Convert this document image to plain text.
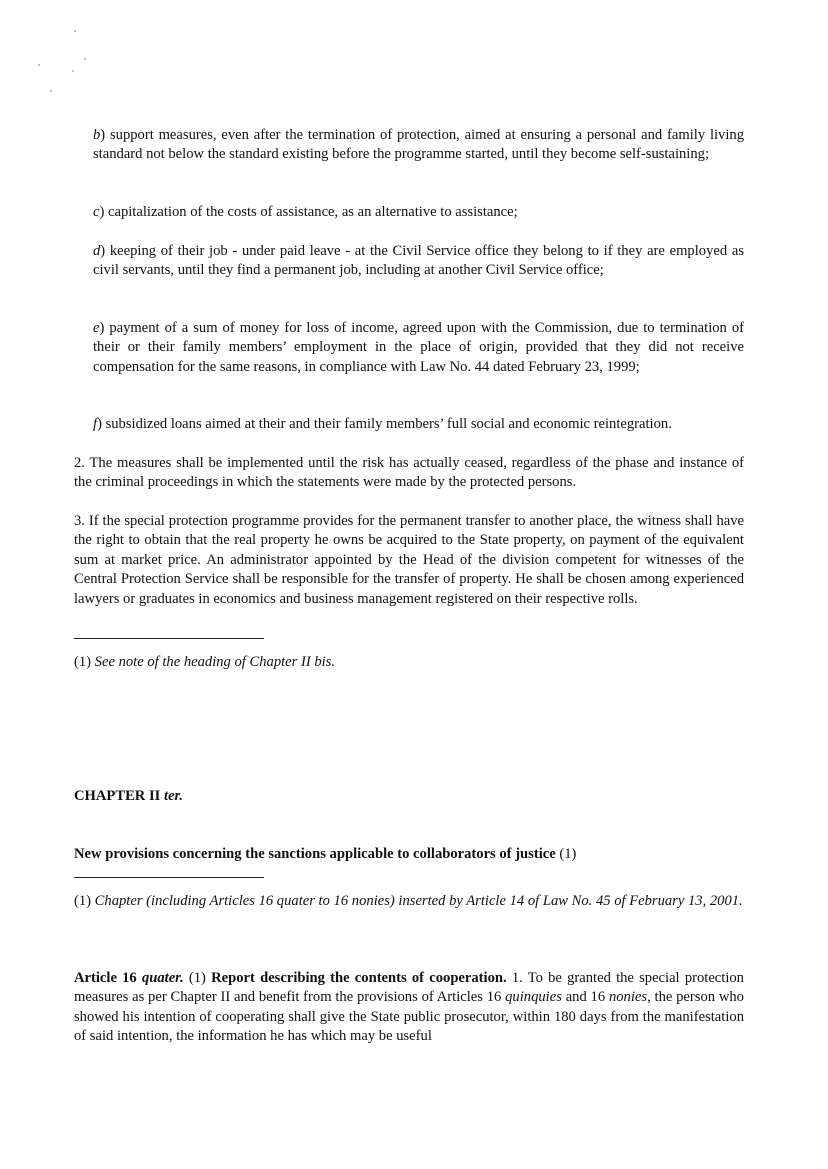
b) support measures, even after the termination of protection, aimed at ensuring a personal and family living standard not below the standard existing before the programme started, until they become self-sustaining;

c) capitalization of the costs of assistance, as an alternative to assistance;

d) keeping of their job - under paid leave - at the Civil Service office they belong to if they are employed as civil servants, until they find a permanent job, including at another Civil Service office;

e) payment of a sum of money for loss of income, agreed upon with the Commission, due to termination of their or their family members’ employment in the place of origin, provided that they did not receive compensation for the same reasons, in compliance with Law No. 44 dated February 23, 1999;

f) subsidized loans aimed at their and their family members’ full social and economic reintegration.

2. The measures shall be implemented until the risk has actually ceased, regardless of the phase and instance of the criminal proceedings in which the statements were made by the protected persons.

3. If the special protection programme provides for the permanent transfer to another place, the witness shall have the right to obtain that the real property he owns be acquired to the State property, on payment of the equivalent sum at market price. An administrator appointed by the Head of the division competent for witnesses of the Central Protection Service shall be responsible for the transfer of property. He shall be chosen among experienced lawyers or graduates in economics and business management registered on their respective rolls.

(1) See note of the heading of Chapter II bis.

CHAPTER II ter.

New provisions concerning the sanctions applicable to collaborators of justice (1)

(1) Chapter (including Articles 16 quater to 16 nonies) inserted by Article 14 of Law No. 45 of February 13, 2001.

Article 16 quater. (1) Report describing the contents of cooperation. 1. To be granted the special protection measures as per Chapter II and benefit from the provisions of Articles 16 quinquies and 16 nonies, the person who showed his intention of cooperating shall give the State public prosecutor, within 180 days from the manifestation of said intention, the information he has which may be useful
